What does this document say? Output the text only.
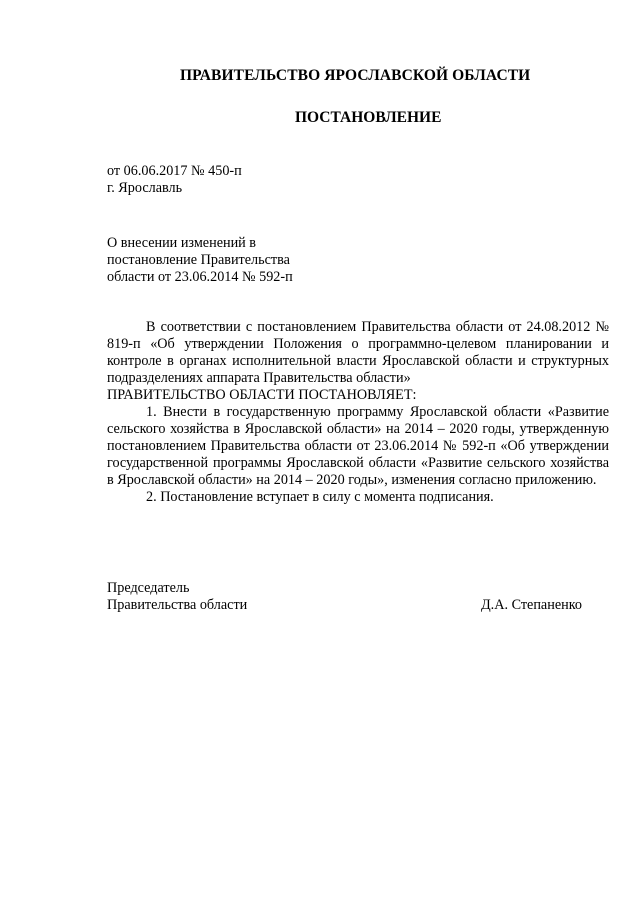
ПРАВИТЕЛЬСТВО ЯРОСЛАВСКОЙ ОБЛАСТИ
ПОСТАНОВЛЕНИЕ
от 06.06.2017 № 450-п
г. Ярославль
О внесении изменений в
постановление Правительства
области от 23.06.2014 № 592-п

В соответствии с постановлением Правительства области от 24.08.2012 № 819-п «Об утверждении Положения о программно-целевом планировании и контроле в органах исполнительной власти Ярославской области и структурных подразделениях аппарата Правительства области»

ПРАВИТЕЛЬСТВО ОБЛАСТИ ПОСТАНОВЛЯЕТ:

1. Внести в государственную программу Ярославской области «Развитие сельского хозяйства в Ярославской области» на 2014 – 2020 годы, утвержденную постановлением Правительства области от 23.06.2014 № 592-п «Об утверждении государственной программы Ярославской области «Развитие сельского хозяйства в Ярославской области» на 2014 – 2020 годы», изменения согласно приложению.

2. Постановление вступает в силу с момента подписания.

Председатель
Правительства области	Д.А. Степаненко
